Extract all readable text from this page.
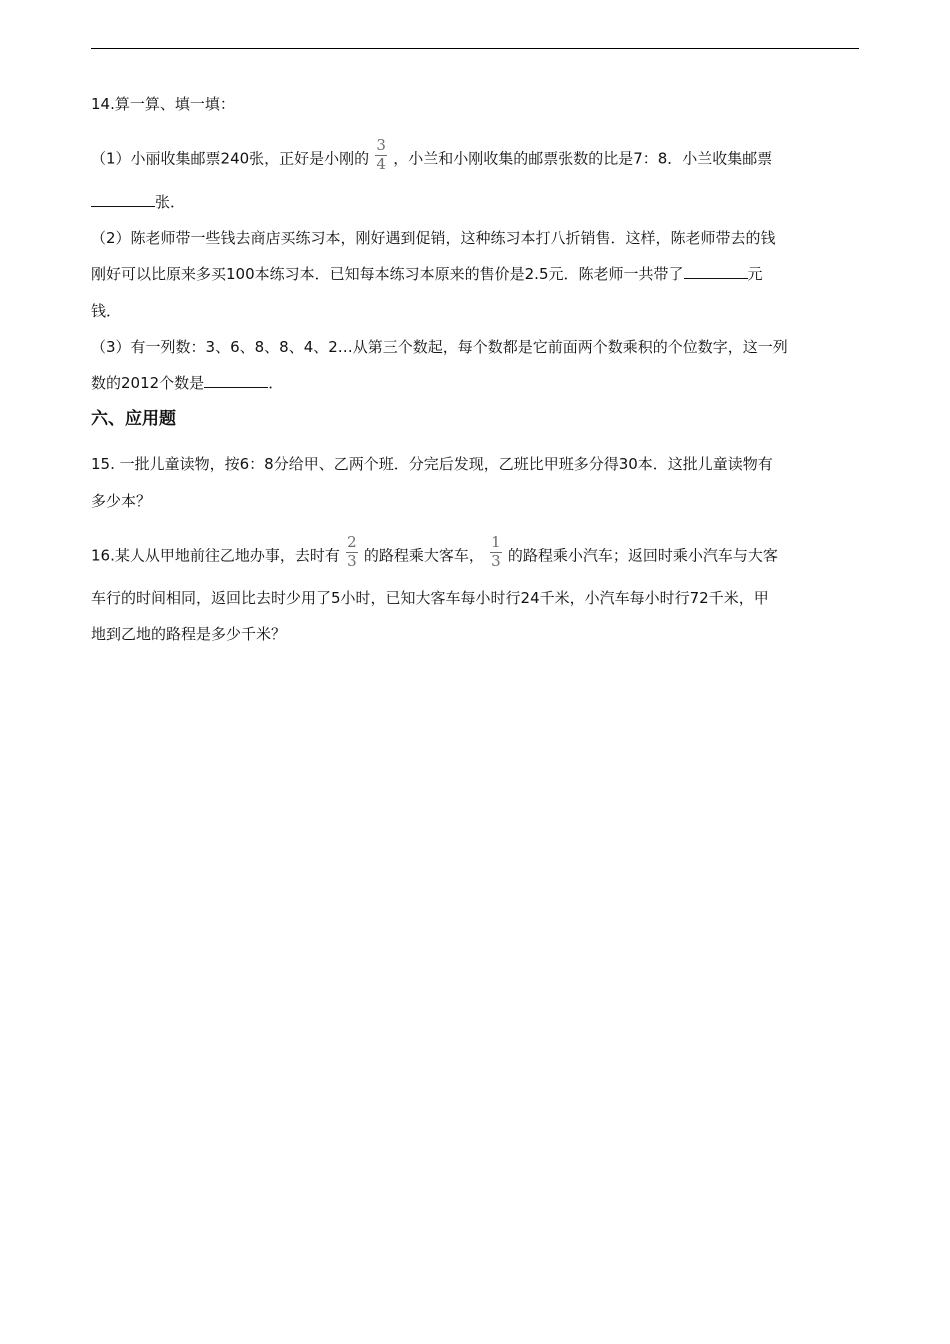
14.算一算、填一填：
（1）小丽收集邮票240张，正好是小刚的 $\frac{3}{4}$ ，小兰和小刚收集的邮票张数的比是7：8．小兰收集邮票
张．
（2）陈老师带一些钱去商店买练习本，刚好遇到促销，这种练习本打八折销售．这样，陈老师带去的钱
刚好可以比原来多买100本练习本．已知每本练习本原来的售价是2.5元．陈老师一共带了	元
钱．
（3）有一列数：3、6、8、8、4、2…从第三个数起，每个数都是它前面两个数乘积的个位数字，这一列
数的2012个数是	．
六、应用题
15. 一批儿童读物，按6：8分给甲、乙两个班．分完后发现，乙班比甲班多分得30本．这批儿童读物有
多少本？
16.某人从甲地前往乙地办事，去时有 $\frac{2}{3}$ 的路程乘大客车， $\frac{1}{3}$ 的路程乘小汽车；返回时乘小汽车与大客
车行的时间相同，返回比去时少用了5小时，已知大客车每小时行24千米，小汽车每小时行72千米，甲
地到乙地的路程是多少千米？
